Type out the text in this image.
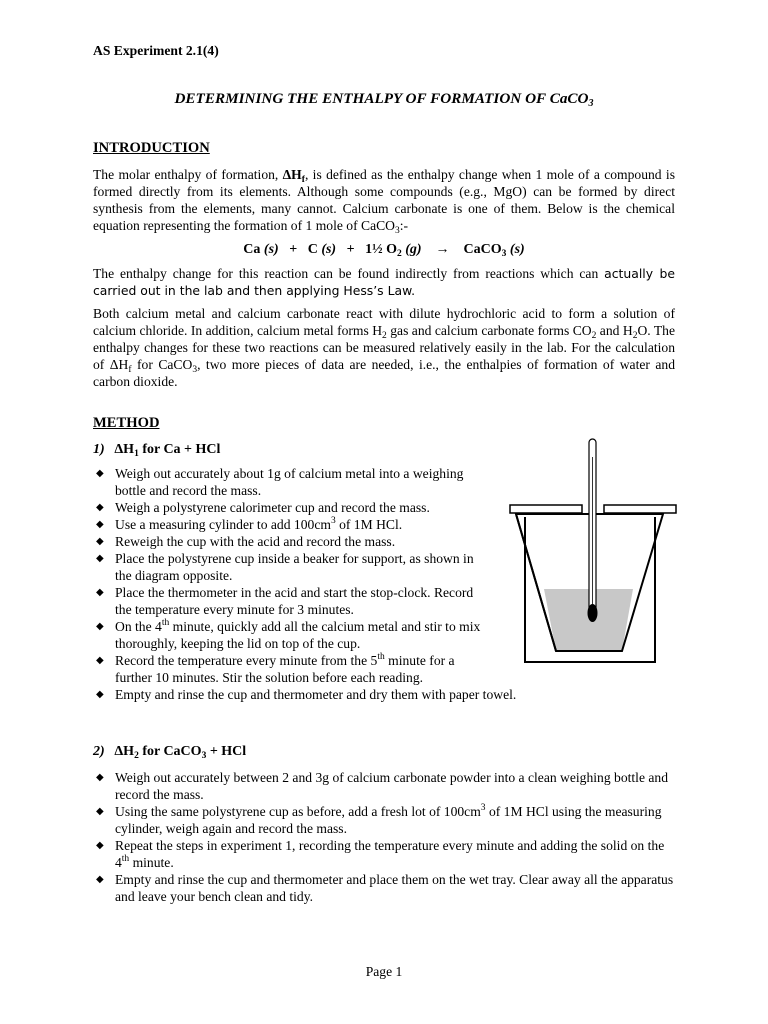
AS Experiment 2.1(4)
DETERMINING THE ENTHALPY OF FORMATION OF CaCO$_3$
INTRODUCTION

The molar enthalpy of formation, $\Delta H_f$, is defined as the enthalpy change when 1 mole of a compound is formed directly from its elements. Although some compounds (e.g., MgO) can be formed by direct synthesis from the elements, many cannot. Calcium carbonate is one of them. Below is the chemical equation representing the formation of 1 mole of CaCO$_3$:-

Ca (s) + C (s) + 1½ $O_2$ (g) → CaCO$_3$ (s)

The enthalpy change for this reaction can be found indirectly from reactions which can actually be carried out in the lab and then applying Hess’s Law.

Both calcium metal and calcium carbonate react with dilute hydrochloric acid to form a solution of calcium chloride. In addition, calcium metal forms $H_2$ gas and calcium carbonate forms $CO_2$ and $H_2O$. The enthalpy changes for these two reactions can be measured relatively easily in the lab. For the calculation of $\Delta H_f$ for CaCO$_3$, two more pieces of data are needed, i.e., the enthalpies of formation of water and carbon dioxide.

METHOD
1) $\Delta H_1$ for Ca + HCl
◆ Weigh out accurately about 1g of calcium metal into a weighing bottle and record the mass.
◆ Weigh a polystyrene calorimeter cup and record the mass.
◆ Use a measuring cylinder to add $100cm^3$ of 1M HCl.
◆ Reweigh the cup with the acid and record the mass.
◆ Place the polystyrene cup inside a beaker for support, as shown in the diagram opposite.
◆ Place the thermometer in the acid and start the stop-clock. Record the temperature every minute for 3 minutes.
◆ On the 4th minute, quickly add all the calcium metal and stir to mix thoroughly, keeping the lid on top of the cup.
◆ Record the temperature every minute from the 5th minute for a further 10 minutes. Stir the solution before each reading.
◆ Empty and rinse the cup and thermometer and dry them with paper towel.
2) $\Delta H_2$ for CaCO$_3$ + HCl
◆ Weigh out accurately between 2 and 3g of calcium carbonate powder into a clean weighing bottle and record the mass.
◆ Using the same polystyrene cup as before, add a fresh lot of $100cm^3$ of 1M HCl using the measuring cylinder, weigh again and record the mass.
◆ Repeat the steps in experiment 1, recording the temperature every minute and adding the solid on the 4th minute.
◆ Empty and rinse the cup and thermometer and place them on the wet tray. Clear away all the apparatus and leave your bench clean and tidy.
Page 1
